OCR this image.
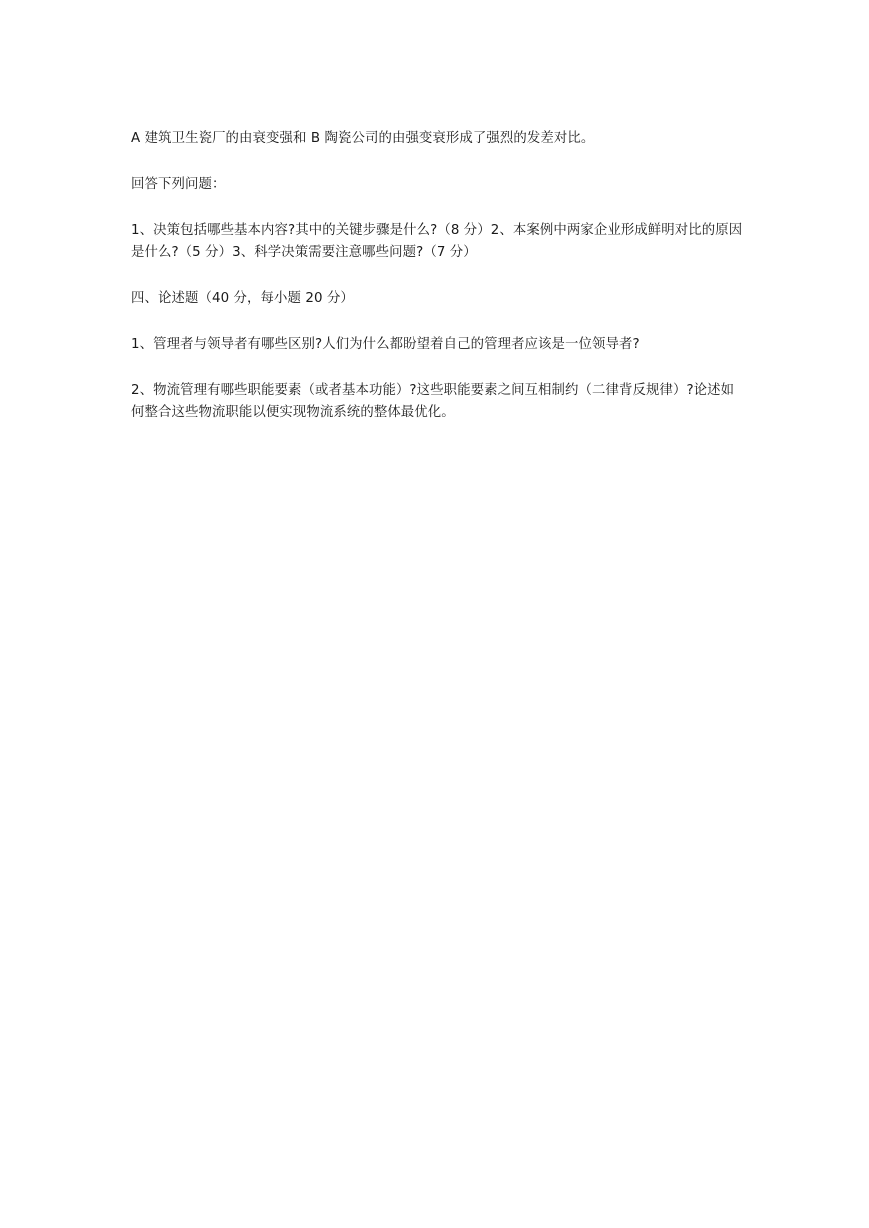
A 建筑卫生瓷厂的由衰变强和 B 陶瓷公司的由强变衰形成了强烈的发差对比。

回答下列问题：

1、决策包括哪些基本内容?其中的关键步骤是什么?（8 分）2、本案例中两家企业形成鲜明对比的原因是什么?（5 分）3、科学决策需要注意哪些问题?（7 分）

四、论述题（40 分，每小题 20 分）

1、管理者与领导者有哪些区别?人们为什么都盼望着自己的管理者应该是一位领导者?

2、物流管理有哪些职能要素（或者基本功能）?这些职能要素之间互相制约（二律背反规律）?论述如何整合这些物流职能以便实现物流系统的整体最优化。
